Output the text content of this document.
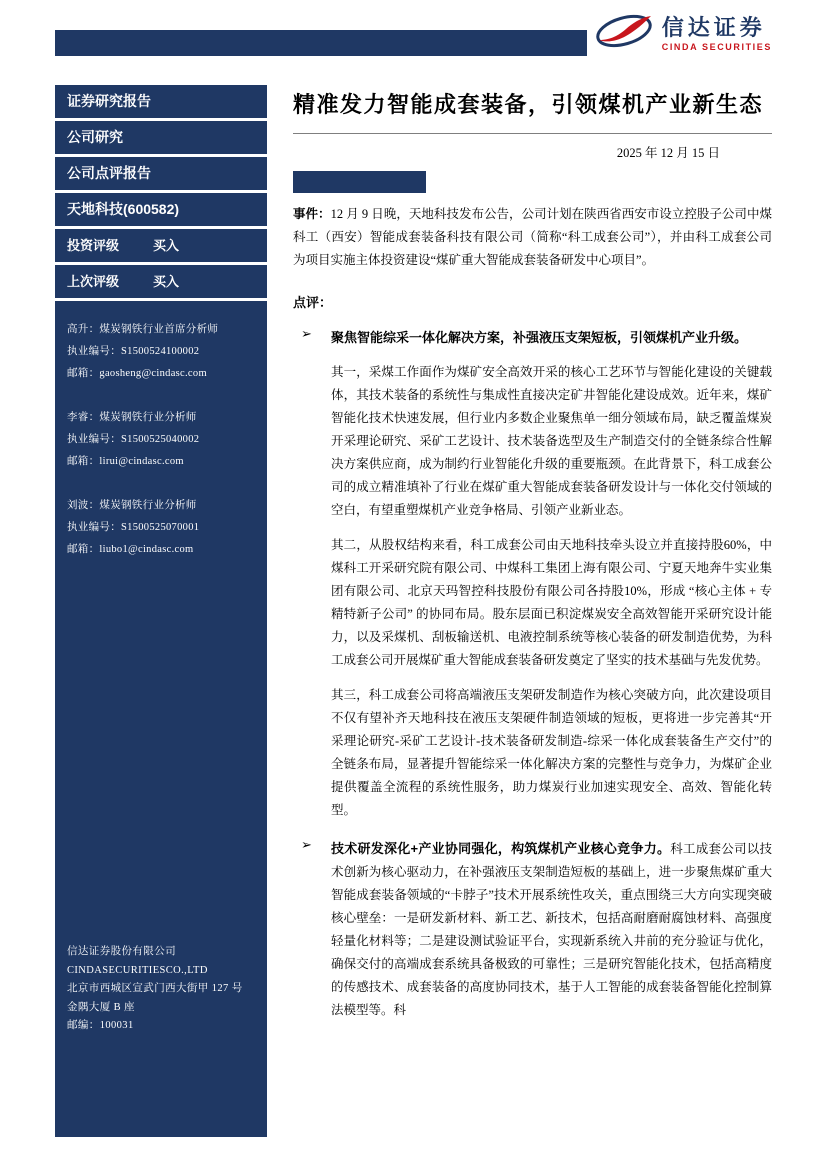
信达证券
CINDA SECURITIES
证券研究报告
公司研究
公司点评报告
天地科技(600582)
投资评级	买入
上次评级	买入
高升：煤炭钢铁行业首席分析师
执业编号：S1500524100002
邮箱：gaosheng@cindasc.com
李睿：煤炭钢铁行业分析师
执业编号：S1500525040002
邮箱：lirui@cindasc.com
刘波：煤炭钢铁行业分析师
执业编号：S1500525070001
邮箱：liubo1@cindasc.com
信达证券股份有限公司
CINDASECURITIESCO.,LTD
北京市西城区宣武门西大街甲 127 号
金隅大厦 B 座
邮编：100031
精准发力智能成套装备，引领煤机产业新生态
2025 年 12 月 15 日

事件：12 月 9 日晚，天地科技发布公告，公司计划在陕西省西安市设立控股子公司中煤科工（西安）智能成套装备科技有限公司（简称“科工成套公司”），并由科工成套公司为项目实施主体投资建设“煤矿重大智能成套装备研发中心项目”。

点评：

➢ 聚焦智能综采一体化解决方案，补强液压支架短板，引领煤机产业升级。

其一，采煤工作面作为煤矿安全高效开采的核心工艺环节与智能化建设的关键载体，其技术装备的系统性与集成性直接决定矿井智能化建设成效。近年来，煤矿智能化技术快速发展，但行业内多数企业聚焦单一细分领域布局，缺乏覆盖煤炭开采理论研究、采矿工艺设计、技术装备选型及生产制造交付的全链条综合性解决方案供应商，成为制约行业智能化升级的重要瓶颈。在此背景下，科工成套公司的成立精准填补了行业在煤矿重大智能成套装备研发设计与一体化交付领域的空白，有望重塑煤机产业竞争格局、引领产业新业态。

其二，从股权结构来看，科工成套公司由天地科技牵头设立并直接持股60%，中煤科工开采研究院有限公司、中煤科工集团上海有限公司、宁夏天地奔牛实业集团有限公司、北京天玛智控科技股份有限公司各持股10%，形成 “核心主体 + 专精特新子公司” 的协同布局。股东层面已积淀煤炭安全高效智能开采研究设计能力，以及采煤机、刮板输送机、电液控制系统等核心装备的研发制造优势，为科工成套公司开展煤矿重大智能成套装备研发奠定了坚实的技术基础与先发优势。

其三，科工成套公司将高端液压支架研发制造作为核心突破方向，此次建设项目不仅有望补齐天地科技在液压支架硬件制造领域的短板，更将进一步完善其“开采理论研究-采矿工艺设计-技术装备研发制造-综采一体化成套装备生产交付”的全链条布局，显著提升智能综采一体化解决方案的完整性与竞争力，为煤矿企业提供覆盖全流程的系统性服务，助力煤炭行业加速实现安全、高效、智能化转型。

➢ 技术研发深化+产业协同强化，构筑煤机产业核心竞争力。科工成套公司以技术创新为核心驱动力，在补强液压支架制造短板的基础上，进一步聚焦煤矿重大智能成套装备领域的“卡脖子”技术开展系统性攻关，重点围绕三大方向实现突破核心壁垒：一是研发新材料、新工艺、新技术，包括高耐磨耐腐蚀材料、高强度轻量化材料等；二是建设测试验证平台，实现新系统入井前的充分验证与优化，确保交付的高端成套系统具备极致的可靠性；三是研究智能化技术，包括高精度的传感技术、成套装备的高度协同技术，基于人工智能的成套装备智能化控制算法模型等。科
